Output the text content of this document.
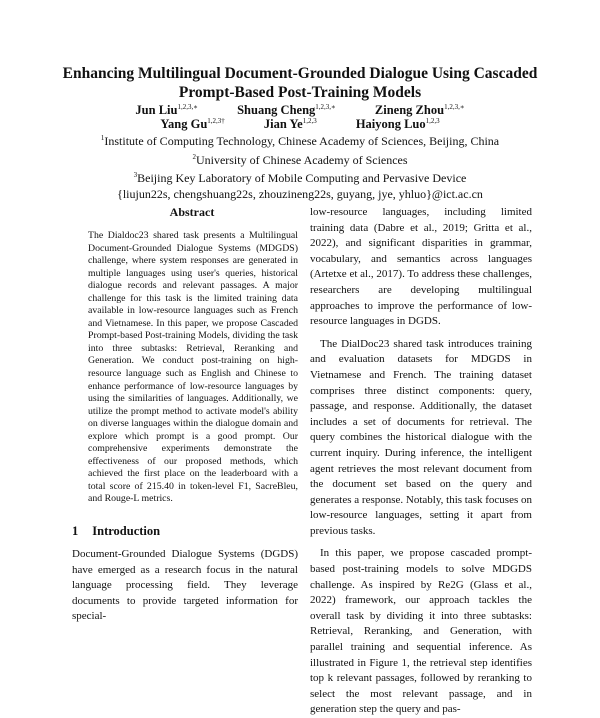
Enhancing Multilingual Document-Grounded Dialogue Using Cascaded
Prompt-Based Post-Training Models
Jun Liu$^{1,2,3,∗}$	Shuang Cheng$^{1,2,3,∗}$	Zineng Zhou$^{1,2,3,∗}$
Yang $Gu^{1,2,3\dagger}$	Jian Ye$^{1,2,3}$	Haiyong Luo$^{1,2,3}$
$^1$Institute of Computing Technology, Chinese Academy of Sciences, Beijing, China
$^2$University of Chinese Academy of Sciences
$^3$Beijing Key Laboratory of Mobile Computing and Pervasive Device
{liujun22s, chengshuang22s, zhouzineng22s, guyang, jye, yhluo}@ict.ac.cn
Abstract

The Dialdoc23 shared task presents a Multilingual Document-Grounded Dialogue Systems (MDGDS) challenge, where system responses are generated in multiple languages using user's queries, historical dialogue records and relevant passages. A major challenge for this task is the limited training data available in low-resource languages such as French and Vietnamese. In this paper, we propose Cascaded Prompt-based Post-training Models, dividing the task into three subtasks: Retrieval, Reranking and Generation. We conduct post-training on high-resource language such as English and Chinese to enhance performance of low-resource languages by using the similarities of languages. Additionally, we utilize the prompt method to activate model's ability on diverse languages within the dialogue domain and explore which prompt is a good prompt. Our comprehensive experiments demonstrate the effectiveness of our proposed methods, which achieved the first place on the leaderboard with a total score of 215.40 in token-level F1, SacreBleu, and Rouge-L metrics.

1 Introduction

Document-Grounded Dialogue Systems (DGDS) have emerged as a research focus in the natural language processing field. They leverage documents to provide targeted information for special-

low-resource languages, including limited training data (Dabre et al., 2019; Gritta et al., 2022), and significant disparities in grammar, vocabulary, and semantics across languages (Artetxe et al., 2017). To address these challenges, researchers are developing multilingual approaches to improve the performance of low-resource languages in DGDS.

The DialDoc23 shared task introduces training and evaluation datasets for MDGDS in Vietnamese and French. The training dataset comprises three distinct components: query, passage, and response. Additionally, the dataset includes a set of documents for retrieval. The query combines the historical dialogue with the current inquiry. During inference, the intelligent agent retrieves the most relevant document from the document set based on the query and generates a response. Notably, this task focuses on low-resource languages, setting it apart from previous tasks.

In this paper, we propose cascaded prompt-based post-training models to solve MDGDS challenge. As inspired by Re2G (Glass et al., 2022) framework, our approach tackles the overall task by dividing it into three subtasks: Retrieval, Reranking, and Generation, with parallel training and sequential inference. As illustrated in Figure 1, the retrieval step identifies top k relevant passages, followed by reranking to select the most relevant passage, and in generation step the query and pas-
